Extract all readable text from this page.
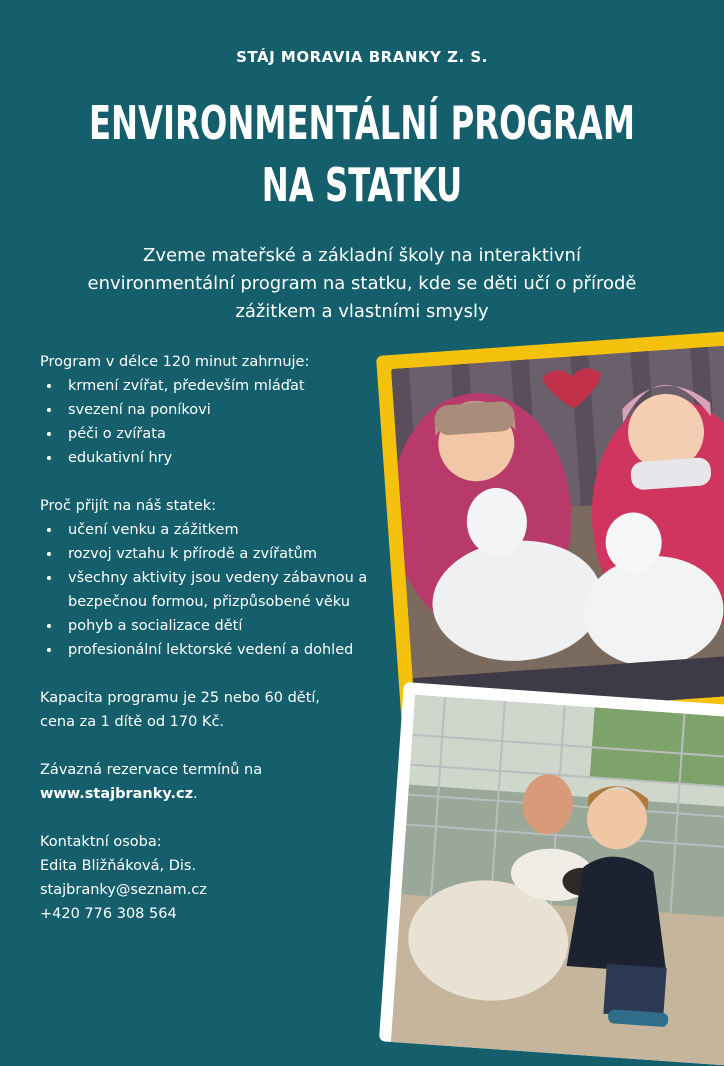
STÁJ MORAVIA BRANKY Z. S.
ENVIRONMENTÁLNÍ PROGRAM
NA STATKU
Zveme mateřské a základní školy na interaktivní
environmentální program na statku, kde se děti učí o přírodě
zážitkem a vlastními smysly

Program v délce 120 minut zahrnuje:

• krmení zvířat, především mláďat
• svezení na poníkovi
• péči o zvířata
• edukativní hry

Proč přijít na náš statek:

• učení venku a zážitkem
• rozvoj vztahu k přírodě a zvířatům
• všechny aktivity jsou vedeny zábavnou a bezpečnou formou, přizpůsobené věku
• pohyb a socializace dětí
• profesionální lektorské vedení a dohled

Kapacita programu je 25 nebo 60 dětí,

cena za 1 dítě od 170 Kč.

Závazná rezervace termínů na

www.stajbranky.cz.

Kontaktní osoba:

Edita Bližňáková, Dis.

stajbranky@seznam.cz

+420 776 308 564
